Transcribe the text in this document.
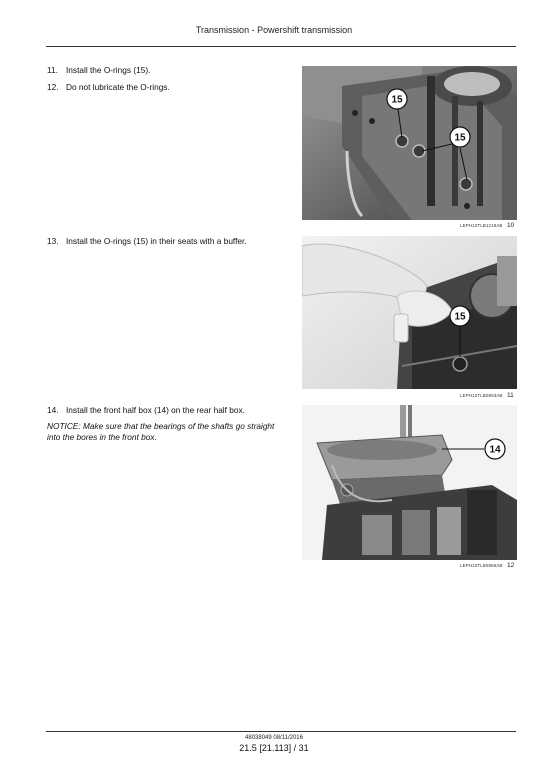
Transmission - Powershift transmission
11. Install the O-rings (15).
12. Do not lubricate the O-rings.
15
15
LEPH12TLB1218AB 10
13. Install the O-rings (15) in their seats with a buffer.
15
LEPH12TLB0853AB 11
14. Install the front half box (14) on the rear half box.
NOTICE: Make sure that the bearings of the shafts go straight into the bores in the front box.
14
LEPH12TLB0856AB 12
48038049 08/11/2016
21.5 [21.113] / 31
